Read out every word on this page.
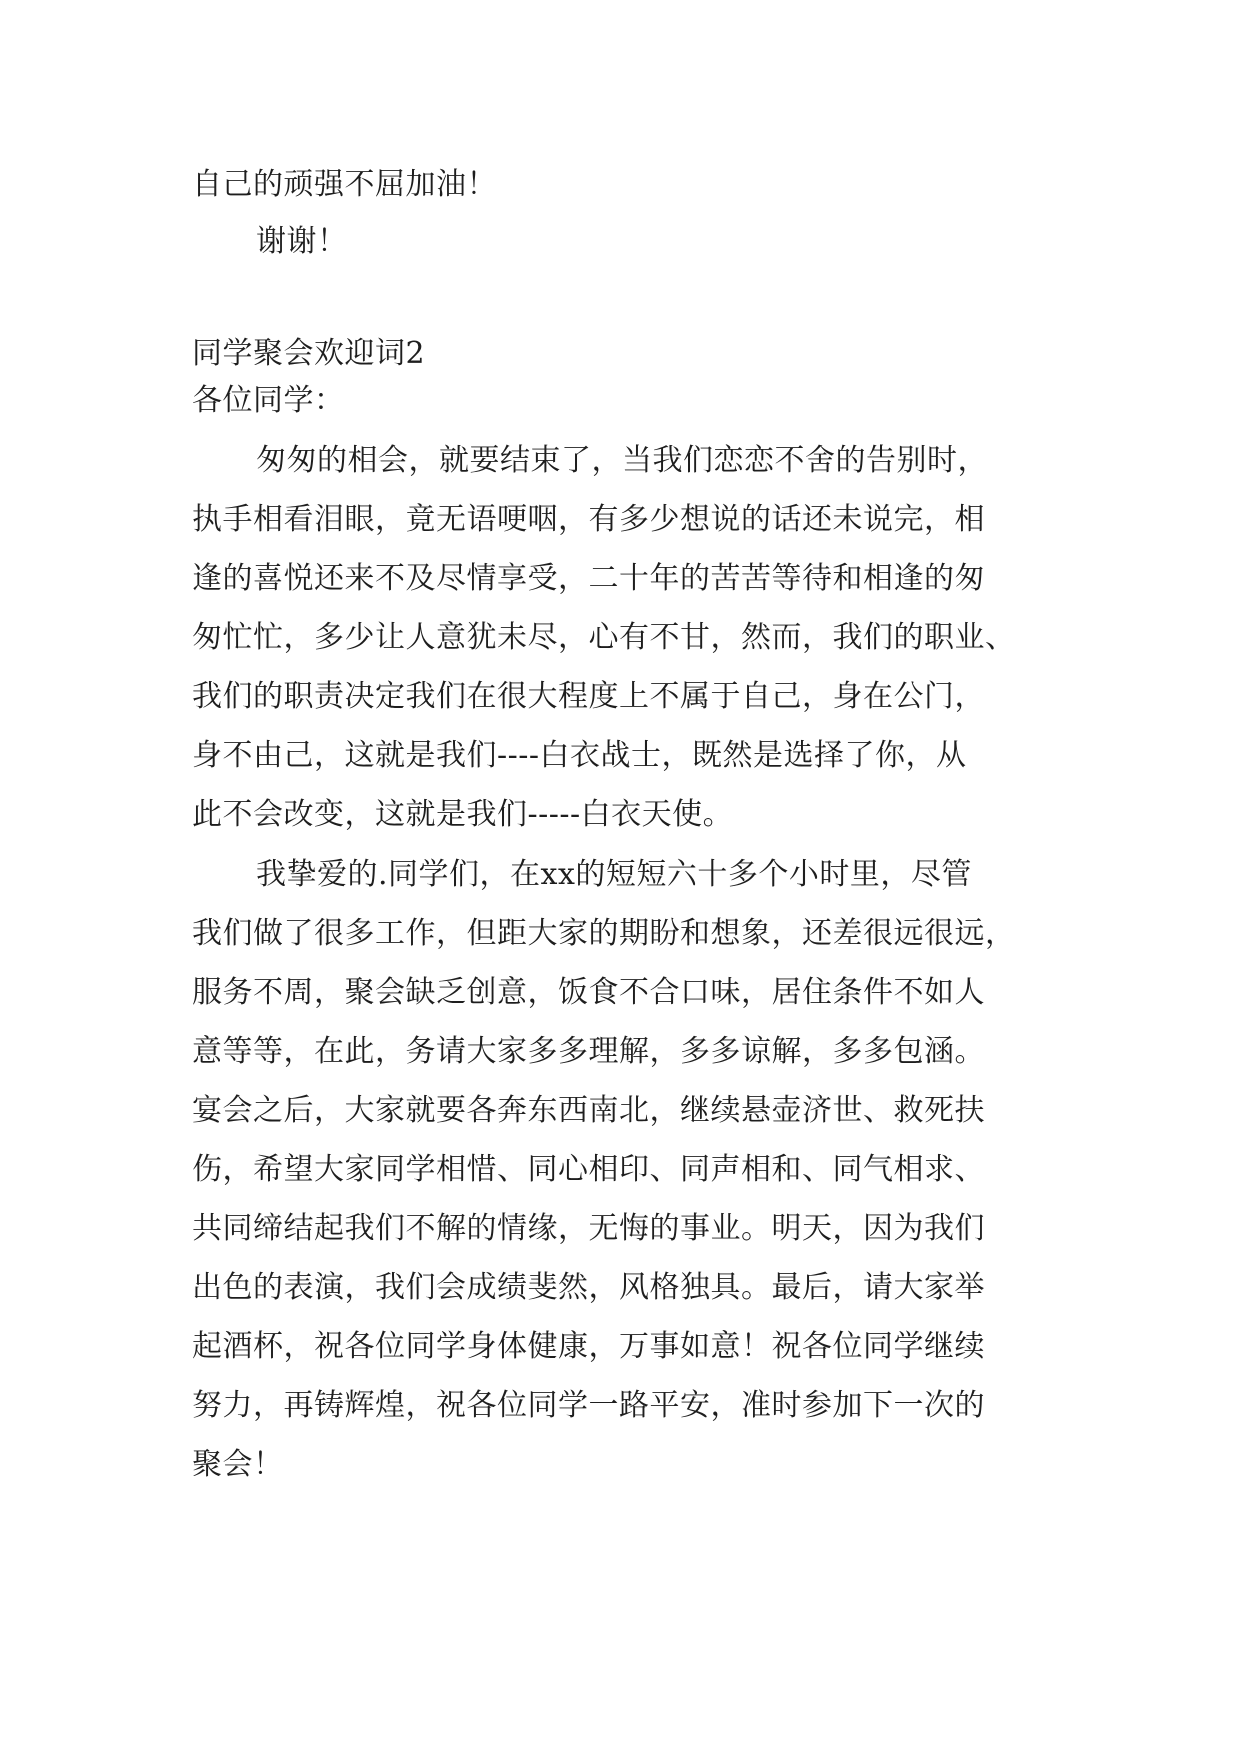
自己的顽强不屈加油！

谢谢！

同学聚会欢迎词2

各位同学：

匆匆的相会，就要结束了，当我们恋恋不舍的告别时，

执手相看泪眼，竟无语哽咽，有多少想说的话还未说完，相

逢的喜悦还来不及尽情享受，二十年的苦苦等待和相逢的匆

匆忙忙，多少让人意犹未尽，心有不甘，然而，我们的职业、

我们的职责决定我们在很大程度上不属于自己，身在公门，

身不由己，这就是我们----白衣战士，既然是选择了你，从

此不会改变，这就是我们-----白衣天使。

我挚爱的.同学们，在xx的短短六十多个小时里，尽管

我们做了很多工作，但距大家的期盼和想象，还差很远很远，

服务不周，聚会缺乏创意，饭食不合口味，居住条件不如人

意等等，在此，务请大家多多理解，多多谅解，多多包涵。

宴会之后，大家就要各奔东西南北，继续悬壶济世、救死扶

伤，希望大家同学相惜、同心相印、同声相和、同气相求、

共同缔结起我们不解的情缘，无悔的事业。明天，因为我们

出色的表演，我们会成绩斐然，风格独具。最后，请大家举

起酒杯，祝各位同学身体健康，万事如意！祝各位同学继续

努力，再铸辉煌，祝各位同学一路平安，准时参加下一次的

聚会！
